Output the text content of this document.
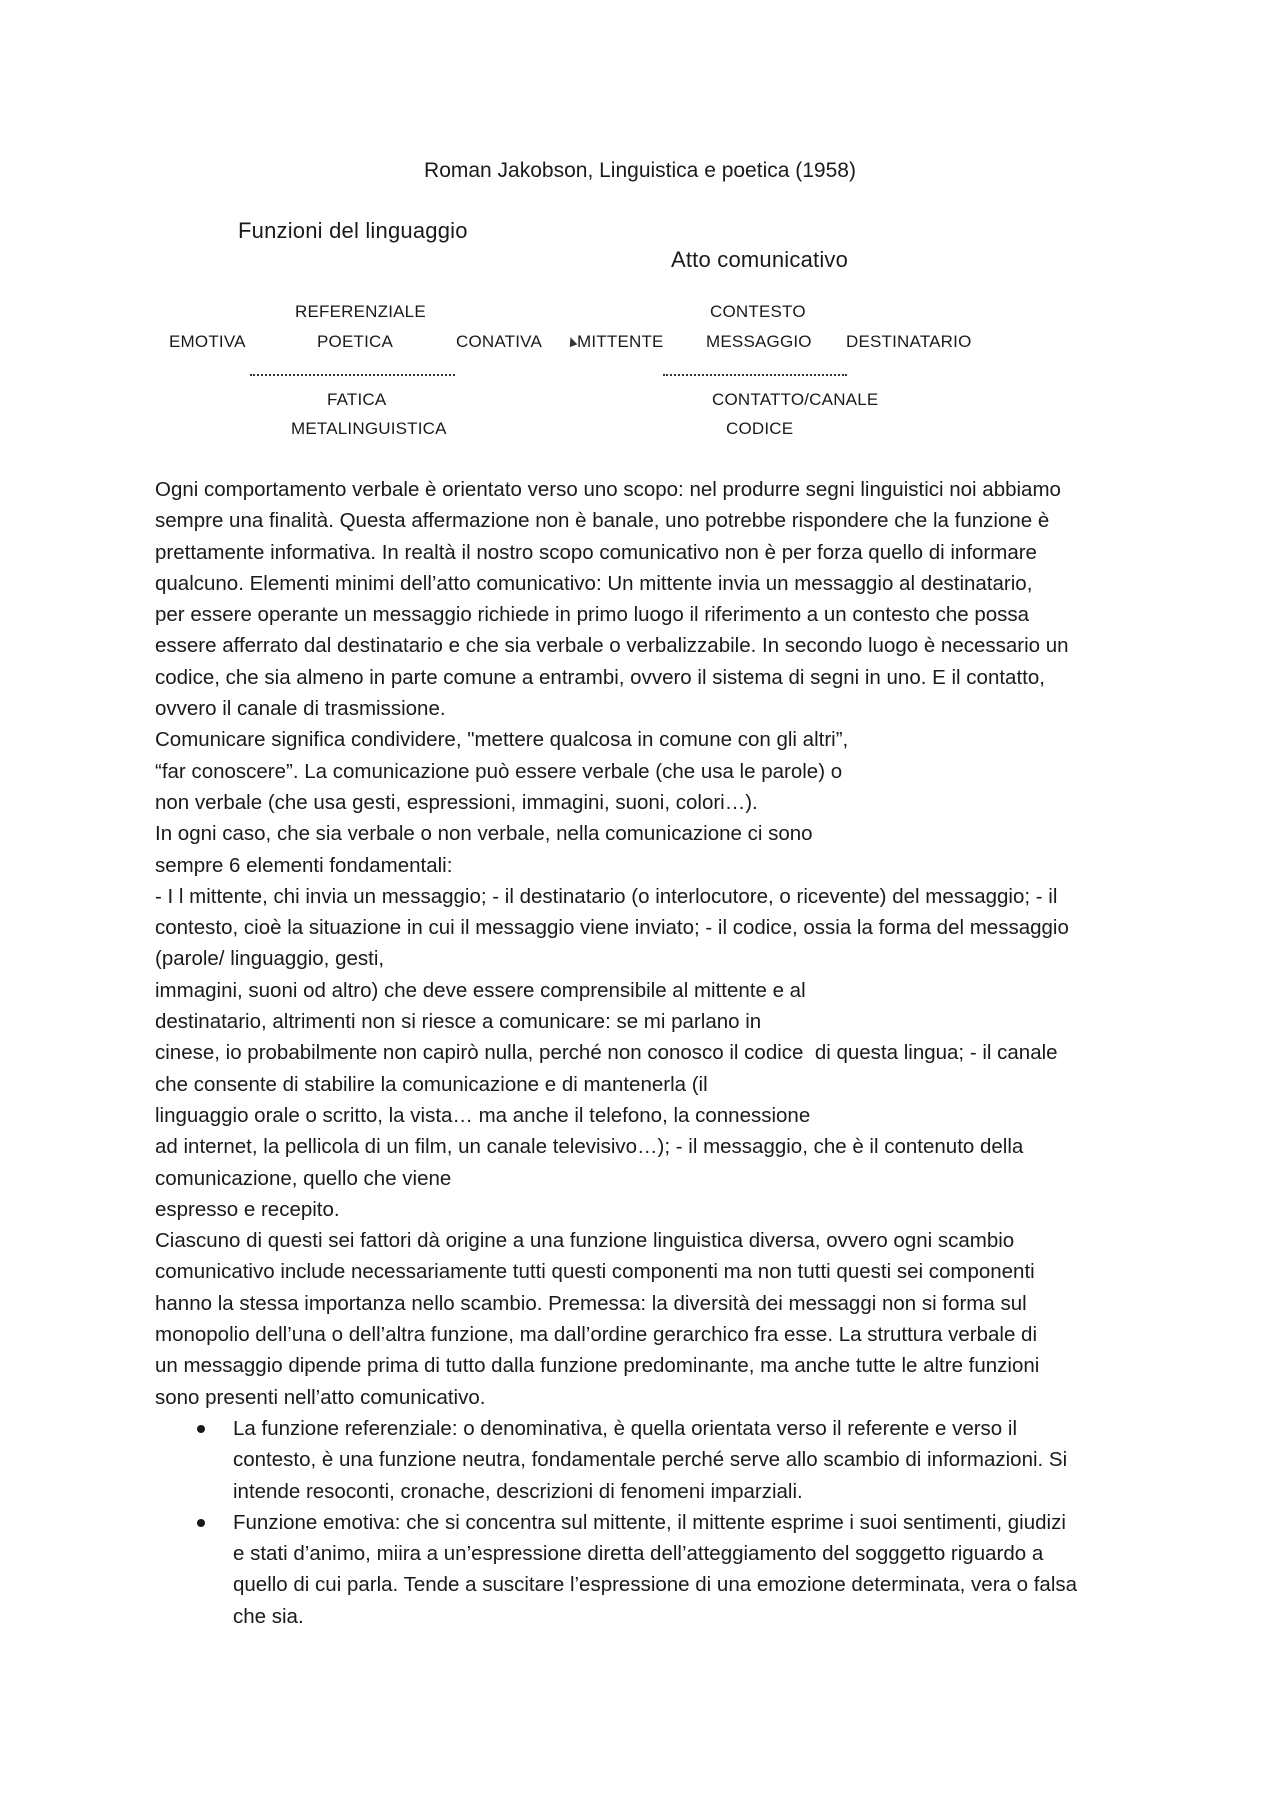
Roman Jakobson, Linguistica e poetica (1958)
Funzioni del linguaggio
Atto comunicativo
REFERENZIALE
EMOTIVA	POETICA	CONATIVA
FATICA
METALINGUISTICA
CONTESTO
MITTENTE MESSAGGIO DESTINATARIO
CONTATTO/CANALE
CODICE

Ogni comportamento verbale è orientato verso uno scopo: nel produrre segni linguistici noi abbiamo

sempre una finalità. Questa affermazione non è banale, uno potrebbe rispondere che la funzione è

prettamente informativa. In realtà il nostro scopo comunicativo non è per forza quello di informare

qualcuno. Elementi minimi dell’atto comunicativo: Un mittente invia un messaggio al destinatario,

per essere operante un messaggio richiede in primo luogo il riferimento a un contesto che possa

essere afferrato dal destinatario e che sia verbale o verbalizzabile. In secondo luogo è necessario un

codice, che sia almeno in parte comune a entrambi, ovvero il sistema di segni in uno. E il contatto,

ovvero il canale di trasmissione.

Comunicare significa condividere, "mettere qualcosa in comune con gli altri”,

“far conoscere”. La comunicazione può essere verbale (che usa le parole) o

non verbale (che usa gesti, espressioni, immagini, suoni, colori…).

In ogni caso, che sia verbale o non verbale, nella comunicazione ci sono

sempre 6 elementi fondamentali:

- I l mittente, chi invia un messaggio; - il destinatario (o interlocutore, o ricevente) del messaggio; - il

contesto, cioè la situazione in cui il messaggio viene inviato; - il codice, ossia la forma del messaggio

(parole/ linguaggio, gesti,

immagini, suoni od altro) che deve essere comprensibile al mittente e al

destinatario, altrimenti non si riesce a comunicare: se mi parlano in

cinese, io probabilmente non capirò nulla, perché non conosco il codice  di questa lingua; - il canale

che consente di stabilire la comunicazione e di mantenerla (il

linguaggio orale o scritto, la vista… ma anche il telefono, la connessione

ad internet, la pellicola di un film, un canale televisivo…); - il messaggio, che è il contenuto della

comunicazione, quello che viene

espresso e recepito.

Ciascuno di questi sei fattori dà origine a una funzione linguistica diversa, ovvero ogni scambio

comunicativo include necessariamente tutti questi componenti ma non tutti questi sei componenti

hanno la stessa importanza nello scambio. Premessa: la diversità dei messaggi non si forma sul

monopolio dell’una o dell’altra funzione, ma dall’ordine gerarchico fra esse. La struttura verbale di

un messaggio dipende prima di tutto dalla funzione predominante, ma anche tutte le altre funzioni

sono presenti nell’atto comunicativo.

La funzione referenziale: o denominativa, è quella orientata verso il referente e verso il

contesto, è una funzione neutra, fondamentale perché serve allo scambio di informazioni. Si

intende resoconti, cronache, descrizioni di fenomeni imparziali.

Funzione emotiva: che si concentra sul mittente, il mittente esprime i suoi sentimenti, giudizi

e stati d’animo, miira a un’espressione diretta dell’atteggiamento del sogggetto riguardo a

quello di cui parla. Tende a suscitare l’espressione di una emozione determinata, vera o falsa

che sia.
